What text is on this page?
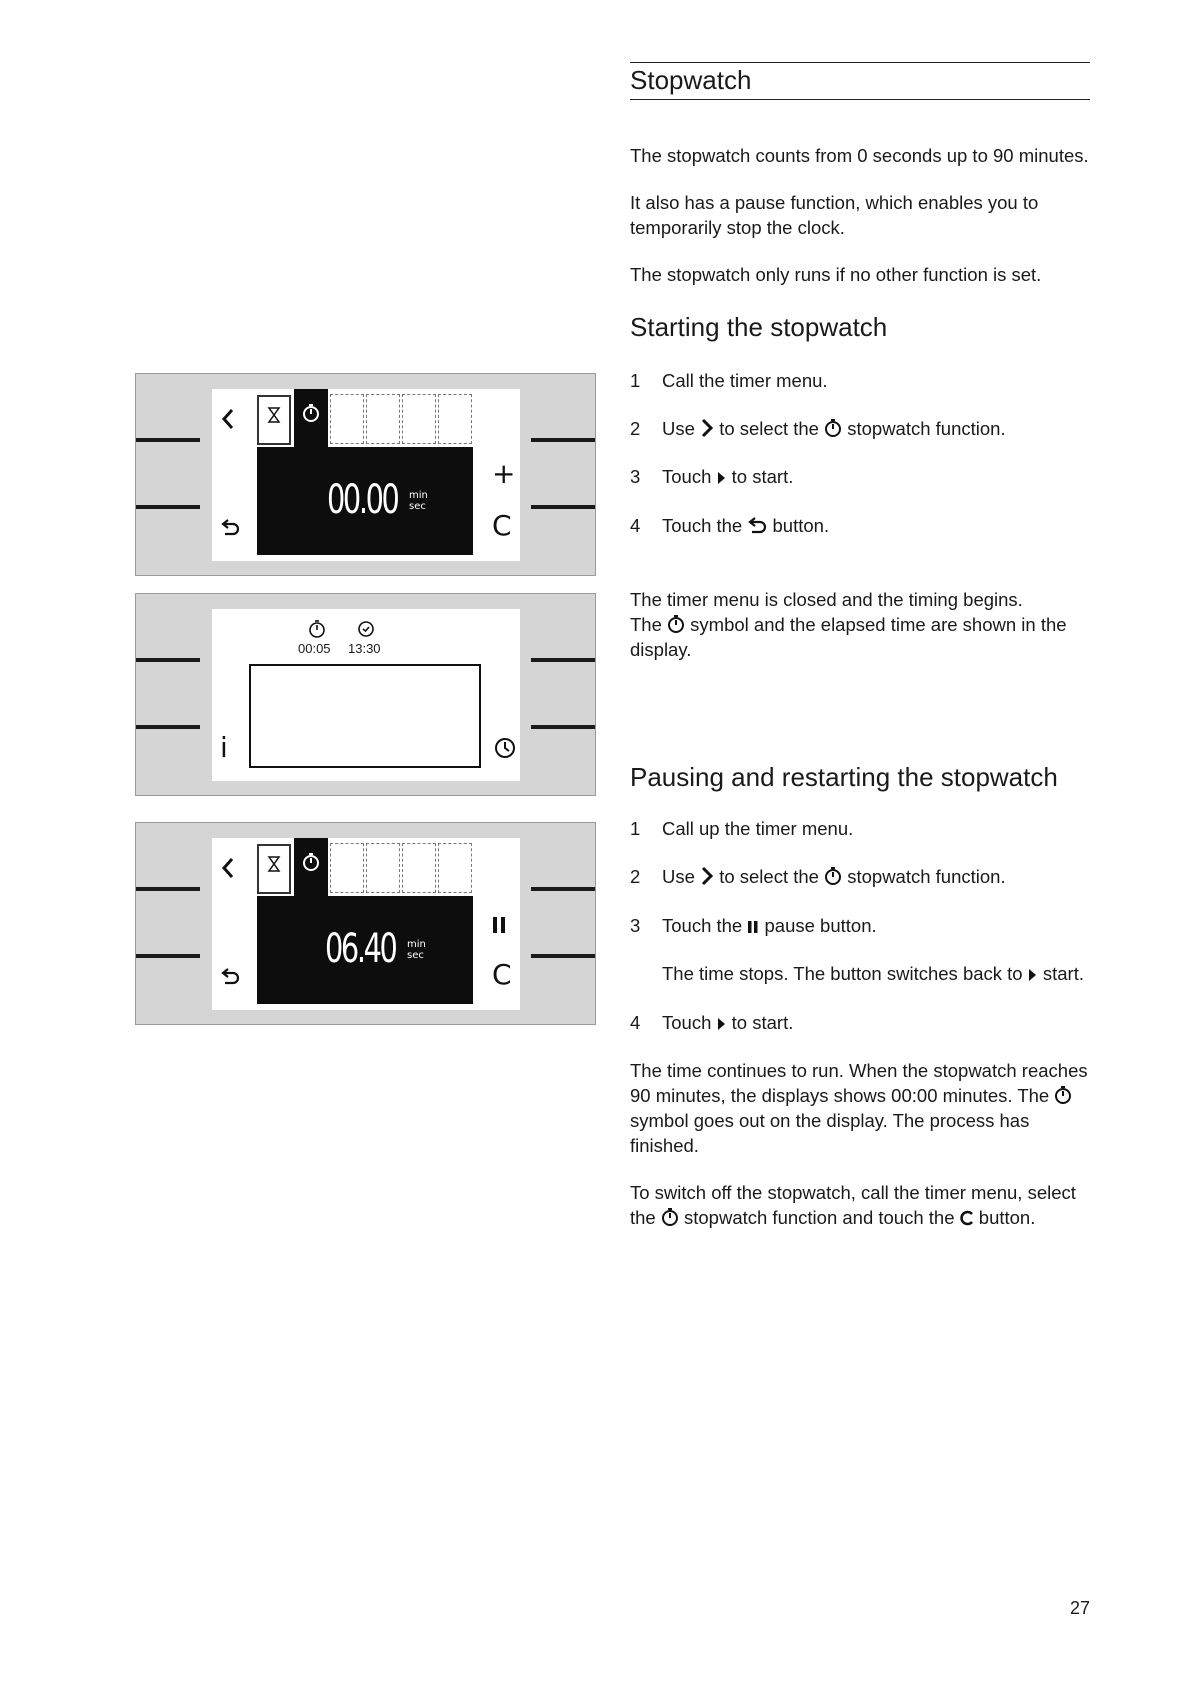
Stopwatch
The stopwatch counts from 0 seconds up to 90 minutes.
It also has a pause function, which enables you to temporarily stop the clock.
The stopwatch only runs if no other function is set.
Starting the stopwatch
1 Call the timer menu.
2 Use to select the stopwatch function.
3 Touch to start.
4 Touch the button.
The timer menu is closed and the timing begins.
The symbol and the elapsed time are shown in the display.
Pausing and restarting the stopwatch
1 Call up the timer menu.
2 Use to select the stopwatch function.
3 Touch the pause button.
The time stops. The button switches back to start.
4 Touch to start.
The time continues to run. When the stopwatch reaches 90 minutes, the displays shows 00:00 minutes. The  symbol goes out on the display. The process has finished.
To switch off the stopwatch, call the timer menu, select the stopwatch function and touch the button.
27
00.00 min
sec
+
C
00:05 13:30
i
06.40 min
sec
C
